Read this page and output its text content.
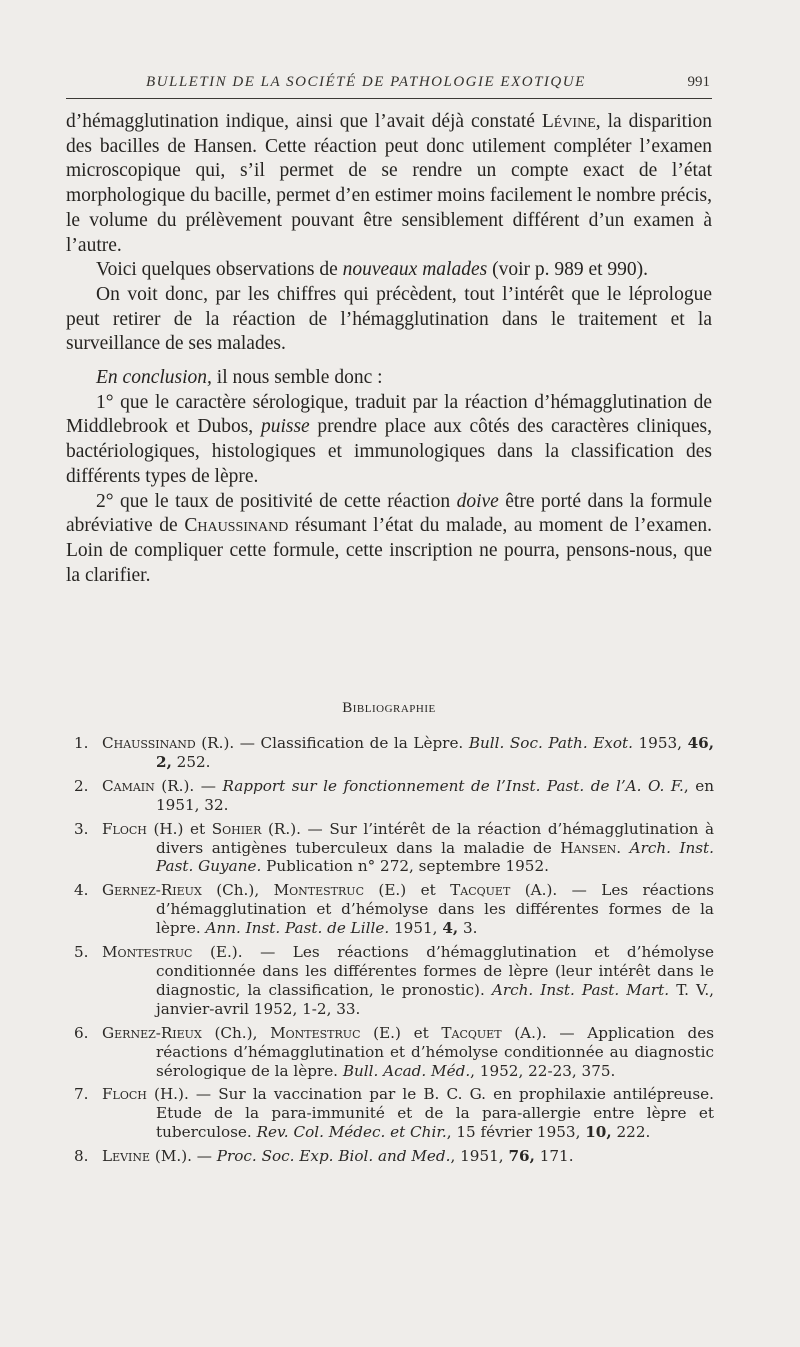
BULLETIN DE LA SOCIÉTÉ DE PATHOLOGIE EXOTIQUE	991

d’hémagglutination indique, ainsi que l’avait déjà constaté Lévine, la disparition des bacilles de Hansen. Cette réaction peut donc utilement compléter l’examen microscopique qui, s’il permet de se rendre un compte exact de l’état morphologique du bacille, permet d’en estimer moins facilement le nombre précis, le volume du prélèvement pouvant être sensiblement différent d’un examen à l’autre.

Voici quelques observations de nouveaux malades (voir p. 989 et 990).

On voit donc, par les chiffres qui précèdent, tout l’intérêt que le léprologue peut retirer de la réaction de l’hémagglutination dans le traitement et la surveillance de ses malades.

En conclusion, il nous semble donc :

1° que le caractère sérologique, traduit par la réaction d’hémagglutination de Middlebrook et Dubos, puisse prendre place aux côtés des caractères cliniques, bactériologiques, histologiques et immunologiques dans la classification des différents types de lèpre.

2° que le taux de positivité de cette réaction doive être porté dans la formule abréviative de Chaussinand résumant l’état du malade, au moment de l’examen. Loin de compliquer cette formule, cette inscription ne pourra, pensons-nous, que la clarifier.

Bibliographie
1. Chaussinand (R.). — Classification de la Lèpre. Bull. Soc. Path. Exot. 1953, 46, 2, 252.
2. Camain (R.). — Rapport sur le fonctionnement de l’Inst. Past. de l’A. O. F., en 1951, 32.
3. Floch (H.) et Sohier (R.). — Sur l’intérêt de la réaction d’hémagglutination à divers antigènes tuberculeux dans la maladie de Hansen. Arch. Inst. Past. Guyane. Publication n° 272, septembre 1952.
4. Gernez-Rieux (Ch.), Montestruc (E.) et Tacquet (A.). — Les réactions d’hémagglutination et d’hémolyse dans les différentes formes de la lèpre. Ann. Inst. Past. de Lille. 1951, 4, 3.
5. Montestruc (E.). — Les réactions d’hémagglutination et d’hémolyse conditionnée dans les différentes formes de lèpre (leur intérêt dans le diagnostic, la classification, le pronostic). Arch. Inst. Past. Mart. T. V., janvier-avril 1952, 1-2, 33.
6. Gernez-Rieux (Ch.), Montestruc (E.) et Tacquet (A.). — Application des réactions d’hémagglutination et d’hémolyse conditionnée au diagnostic sérologique de la lèpre. Bull. Acad. Méd., 1952, 22-23, 375.
7. Floch (H.). — Sur la vaccination par le B. C. G. en prophilaxie antilépreuse. Etude de la para-immunité et de la para-allergie entre lèpre et tuberculose. Rev. Col. Médec. et Chir., 15 février 1953, 10, 222.
8. Levine (M.). — Proc. Soc. Exp. Biol. and Med., 1951, 76, 171.
